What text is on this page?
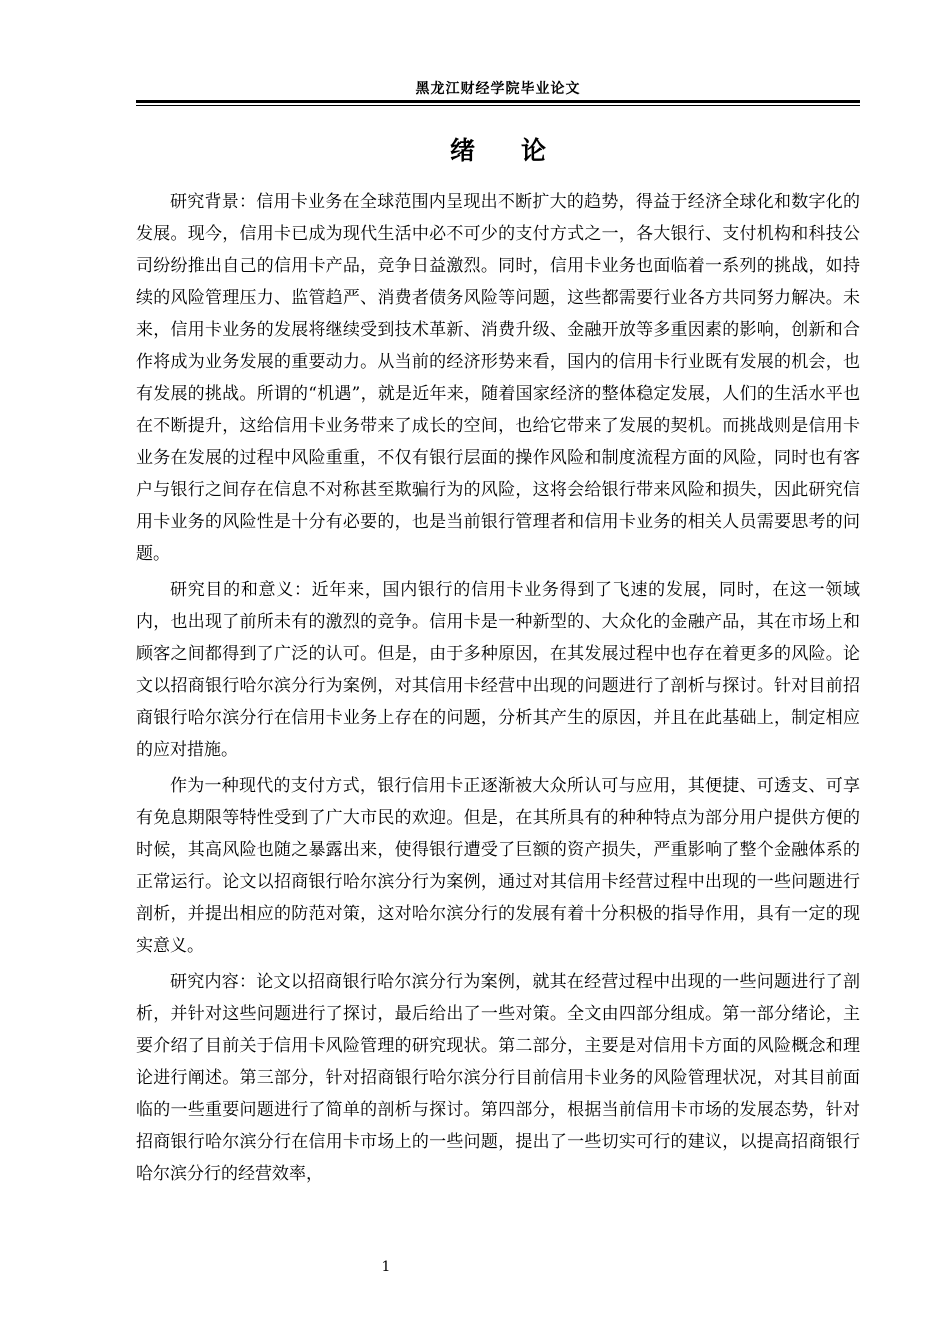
黑龙江财经学院毕业论文
绪论

研究背景：信用卡业务在全球范围内呈现出不断扩大的趋势，得益于经济全球化和数字化的发展。现今，信用卡已成为现代生活中必不可少的支付方式之一，各大银行、支付机构和科技公司纷纷推出自己的信用卡产品，竞争日益激烈。同时，信用卡业务也面临着一系列的挑战，如持续的风险管理压力、监管趋严、消费者债务风险等问题，这些都需要行业各方共同努力解决。未来，信用卡业务的发展将继续受到技术革新、消费升级、金融开放等多重因素的影响，创新和合作将成为业务发展的重要动力。从当前的经济形势来看，国内的信用卡行业既有发展的机会，也有发展的挑战。所谓的“机遇”，就是近年来，随着国家经济的整体稳定发展，人们的生活水平也在不断提升，这给信用卡业务带来了成长的空间，也给它带来了发展的契机。而挑战则是信用卡业务在发展的过程中风险重重，不仅有银行层面的操作风险和制度流程方面的风险，同时也有客户与银行之间存在信息不对称甚至欺骗行为的风险，这将会给银行带来风险和损失，因此研究信用卡业务的风险性是十分有必要的，也是当前银行管理者和信用卡业务的相关人员需要思考的问题。

研究目的和意义：近年来，国内银行的信用卡业务得到了飞速的发展，同时，在这一领域内，也出现了前所未有的激烈的竞争。信用卡是一种新型的、大众化的金融产品，其在市场上和顾客之间都得到了广泛的认可。但是，由于多种原因，在其发展过程中也存在着更多的风险。论文以招商银行哈尔滨分行为案例，对其信用卡经营中出现的问题进行了剖析与探讨。针对目前招商银行哈尔滨分行在信用卡业务上存在的问题，分析其产生的原因，并且在此基础上，制定相应的应对措施。

作为一种现代的支付方式，银行信用卡正逐渐被大众所认可与应用，其便捷、可透支、可享有免息期限等特性受到了广大市民的欢迎。但是，在其所具有的种种特点为部分用户提供方便的时候，其高风险也随之暴露出来，使得银行遭受了巨额的资产损失，严重影响了整个金融体系的正常运行。论文以招商银行哈尔滨分行为案例，通过对其信用卡经营过程中出现的一些问题进行剖析，并提出相应的防范对策，这对哈尔滨分行的发展有着十分积极的指导作用，具有一定的现实意义。

研究内容：论文以招商银行哈尔滨分行为案例，就其在经营过程中出现的一些问题进行了剖析，并针对这些问题进行了探讨，最后给出了一些对策。全文由四部分组成。第一部分绪论，主要介绍了目前关于信用卡风险管理的研究现状。第二部分，主要是对信用卡方面的风险概念和理论进行阐述。第三部分，针对招商银行哈尔滨分行目前信用卡业务的风险管理状况，对其目前面临的一些重要问题进行了简单的剖析与探讨。第四部分，根据当前信用卡市场的发展态势，针对招商银行哈尔滨分行在信用卡市场上的一些问题，提出了一些切实可行的建议，以提高招商银行哈尔滨分行的经营效率，

1
